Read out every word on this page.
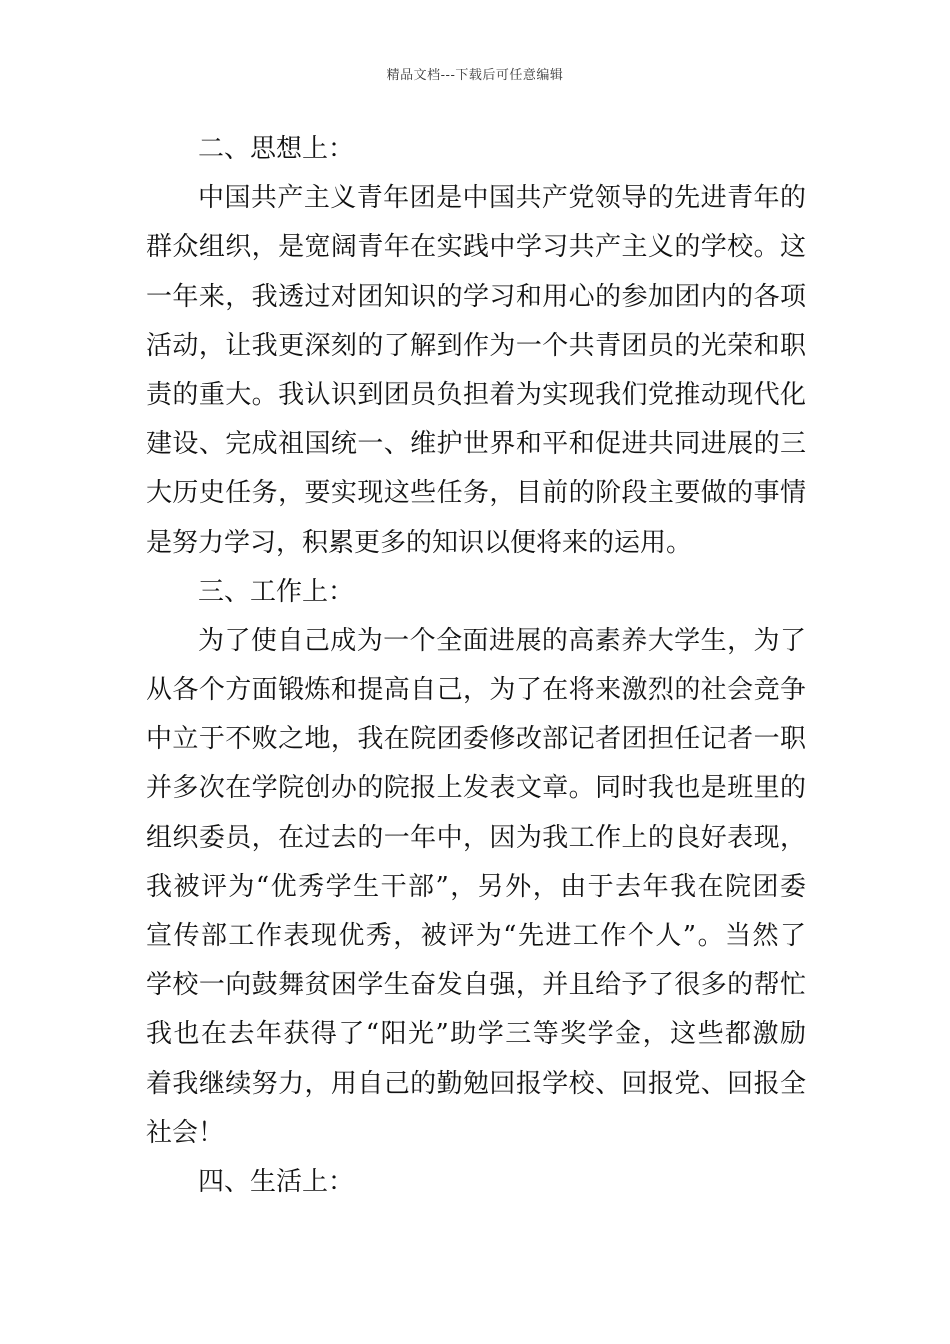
精品文档---下载后可任意编辑
二、思想上：
中国共产主义青年团是中国共产党领导的先进青年的
群众组织，是宽阔青年在实践中学习共产主义的学校。这
一年来，我透过对团知识的学习和用心的参加团内的各项
活动，让我更深刻的了解到作为一个共青团员的光荣和职
责的重大。我认识到团员负担着为实现我们党推动现代化
建设、完成祖国统一、维护世界和平和促进共同进展的三
大历史任务，要实现这些任务，目前的阶段主要做的事情
是努力学习，积累更多的知识以便将来的运用。
三、工作上：
为了使自己成为一个全面进展的高素养大学生，为了
从各个方面锻炼和提高自己，为了在将来激烈的社会竞争
中立于不败之地，我在院团委修改部记者团担任记者一职
并多次在学院创办的院报上发表文章。同时我也是班里的
组织委员，在过去的一年中，因为我工作上的良好表现，
我被评为“优秀学生干部”，另外，由于去年我在院团委
宣传部工作表现优秀，被评为“先进工作个人”。当然了
学校一向鼓舞贫困学生奋发自强，并且给予了很多的帮忙
我也在去年获得了“阳光”助学三等奖学金，这些都激励
着我继续努力，用自己的勤勉回报学校、回报党、回报全
社会！
四、生活上：
